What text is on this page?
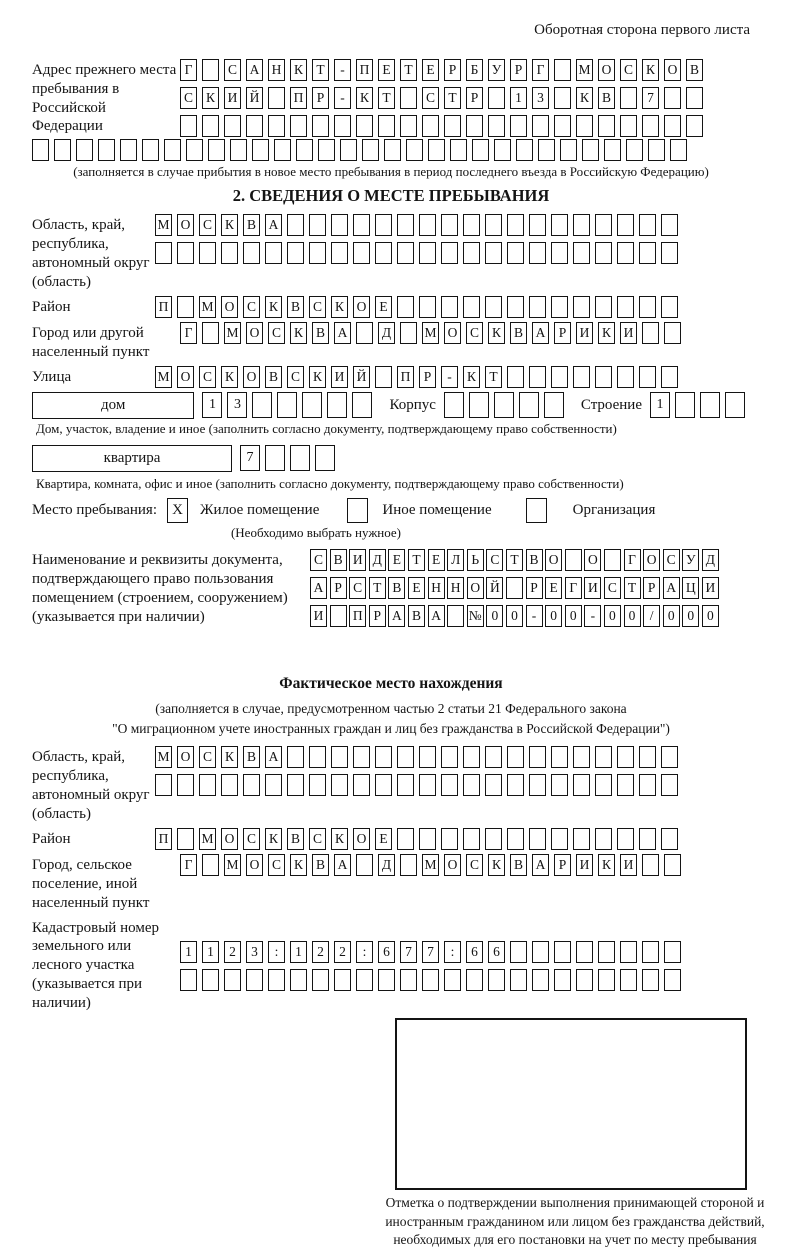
Оборотная сторона первого листа
Адрес прежнего места пребывания в Российской Федерации
Г	С А Н К Т	-	П Е	Т	Е	Р	Б У Р	Г	М О С К О В
С К И Й	П Р	-	К Т	С Т	Р	1	3	К В	7
(заполняется в случае прибытия в новое место пребывания в период последнего въезда в Российскую Федерацию)
2. СВЕДЕНИЯ О МЕСТЕ ПРЕБЫВАНИЯ
Область, край, республика, автономный округ (область)
М О С К В А
Район	П М О С К В С К О Е
Город или другой населенный пункт
Г	М О С К В А	Д М О С К В А Р И К И
Улица	М О С К О В С К И Й	П Р	-	К Т
дом	1	3	Корпус	Строение	1
Дом, участок, владение и иное (заполнить согласно документу, подтверждающему право собственности)
квартира	7
Квартира, комната, офис и иное (заполнить согласно документу, подтверждающему право собственности)
Место пребывания:	X	Жилое помещение	Иное помещение	Организация
(Необходимо выбрать нужное)
Наименование и реквизиты документа, подтверждающего право пользования помещением (строением, сооружением) (указывается при наличии)
С В И Д Е Т Е Л Ь С Т В О О	Г О С У Д
А Р С Т В Е Н Н О Й	Р Е Г И С Т Р А Ц И
И П Р А В А № 0 0	-	0 0	-	0 0	/	0 0 0
Фактическое место нахождения
(заполняется в случае, предусмотренном частью 2 статьи 21 Федерального закона
"О миграционном учете иностранных граждан и лиц без гражданства в Российской Федерации")
Область, край, республика, автономный округ (область)
М О С К В А
Район	П М О С К В С К О Е
Город, сельское поселение, иной населенный пункт
Г	М О С К В А	Д М О С К В А Р И К И
Кадастровый номер земельного или лесного участка (указывается при наличии)
1	1	2	3	:	1	2	2	:	6	7	7	:	6	6
Отметка о подтверждении выполнения принимающей стороной и иностранным гражданином или лицом без гражданства действий, необходимых для его постановки на учет по месту пребывания
